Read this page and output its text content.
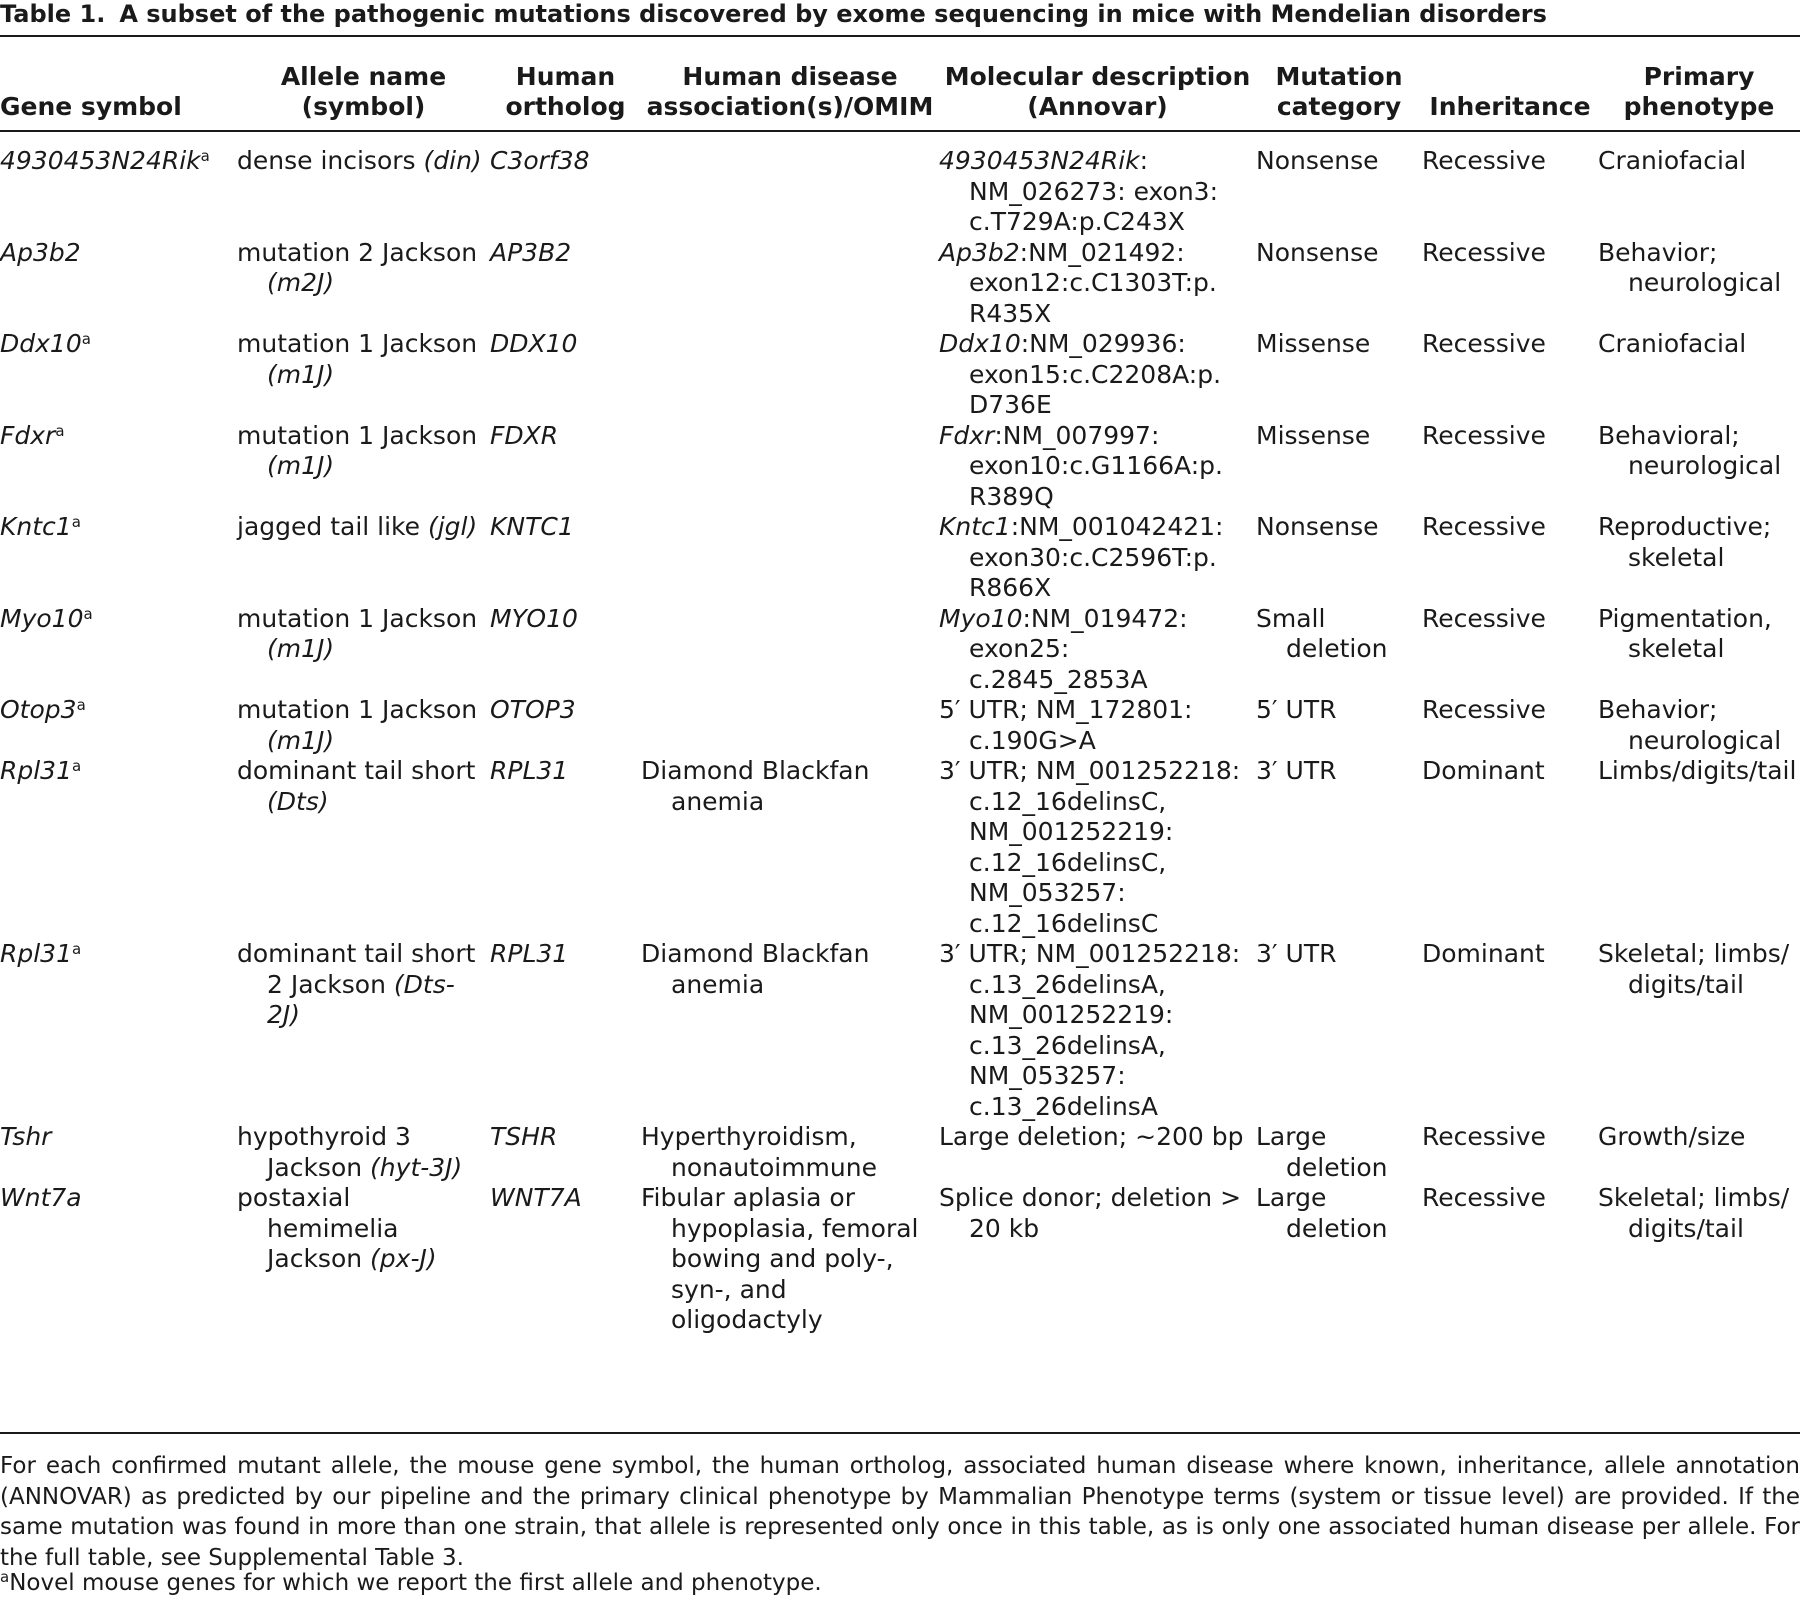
Table 1. A subset of the pathogenic mutations discovered by exome sequencing in mice with Mendelian disorders
Gene symbol	Allele name (symbol)	Human ortholog	Human disease association(s)/OMIM	Molecular description (Annovar)	Mutation category	Inheritance	Primary phenotype
4930453N24Rik$^a$	dense incisors (din)	C3orf38		4930453N24Rik: NM_026273: exon3: c.T729A:p.C243X	Nonsense	Recessive	Craniofacial

Ap3b2	mutation 2 Jackson (m2J)	AP3B2		Ap3b2:NM_021492: exon12:c.C1303T:p. R435X	Nonsense	Recessive	Behavior; neurological

Ddx10$^a$	mutation 1 Jackson (m1J)	DDX10		Ddx10:NM_029936: exon15:c.C2208A:p. D736E	Missense	Recessive	Craniofacial

Fdxr$^a$	mutation 1 Jackson (m1J)	FDXR		Fdxr:NM_007997: exon10:c.G1166A:p. R389Q	Missense	Recessive	Behavioral; neurological

Kntc1$^a$	jagged tail like (jgl)	KNTC1		Kntc1:NM_001042421: exon30:c.C2596T:p. R866X	Nonsense	Recessive	Reproductive; skeletal

Myo10$^a$	mutation 1 Jackson (m1J)	MYO10		Myo10:NM_019472: exon25: c.2845_2853A	Small deletion	Recessive	Pigmentation, skeletal

Otop3$^a$	mutation 1 Jackson (m1J)	OTOP3		5′ UTR; NM_172801: c.190G>A	5′ UTR	Recessive	Behavior; neurological

Rpl31$^a$	dominant tail short (Dts)	RPL31	Diamond Blackfan anemia	3′ UTR; NM_001252218: c.12_16delinsC, NM_001252219: c.12_16delinsC, NM_053257: c.12_16delinsC	3′ UTR	Dominant	Limbs/digits/tail

Rpl31$^a$	dominant tail short 2 Jackson (Dts-2J)	RPL31	Diamond Blackfan anemia	3′ UTR; NM_001252218: c.13_26delinsA, NM_001252219: c.13_26delinsA, NM_053257: c.13_26delinsA	3′ UTR	Dominant	Skeletal; limbs/ digits/tail

Tshr	hypothyroid 3 Jackson (hyt-3J)	TSHR	Hyperthyroidism, nonautoimmune	Large deletion; ~200 bp	Large deletion	Recessive	Growth/size

Wnt7a	postaxial hemimelia Jackson (px-J)	WNT7A	Fibular aplasia or hypoplasia, femoral bowing and poly-, syn-, and oligodactyly	Splice donor; deletion > 20 kb	Large deletion	Recessive	Skeletal; limbs/ digits/tail
For each confirmed mutant allele, the mouse gene symbol, the human ortholog, associated human disease where known, inheritance, allele annotation (ANNOVAR) as predicted by our pipeline and the primary clinical phenotype by Mammalian Phenotype terms (system or tissue level) are provided. If the same mutation was found in more than one strain, that allele is represented only once in this table, as is only one associated human disease per allele. For the full table, see Supplemental Table 3.
$^a$Novel mouse genes for which we report the first allele and phenotype.
